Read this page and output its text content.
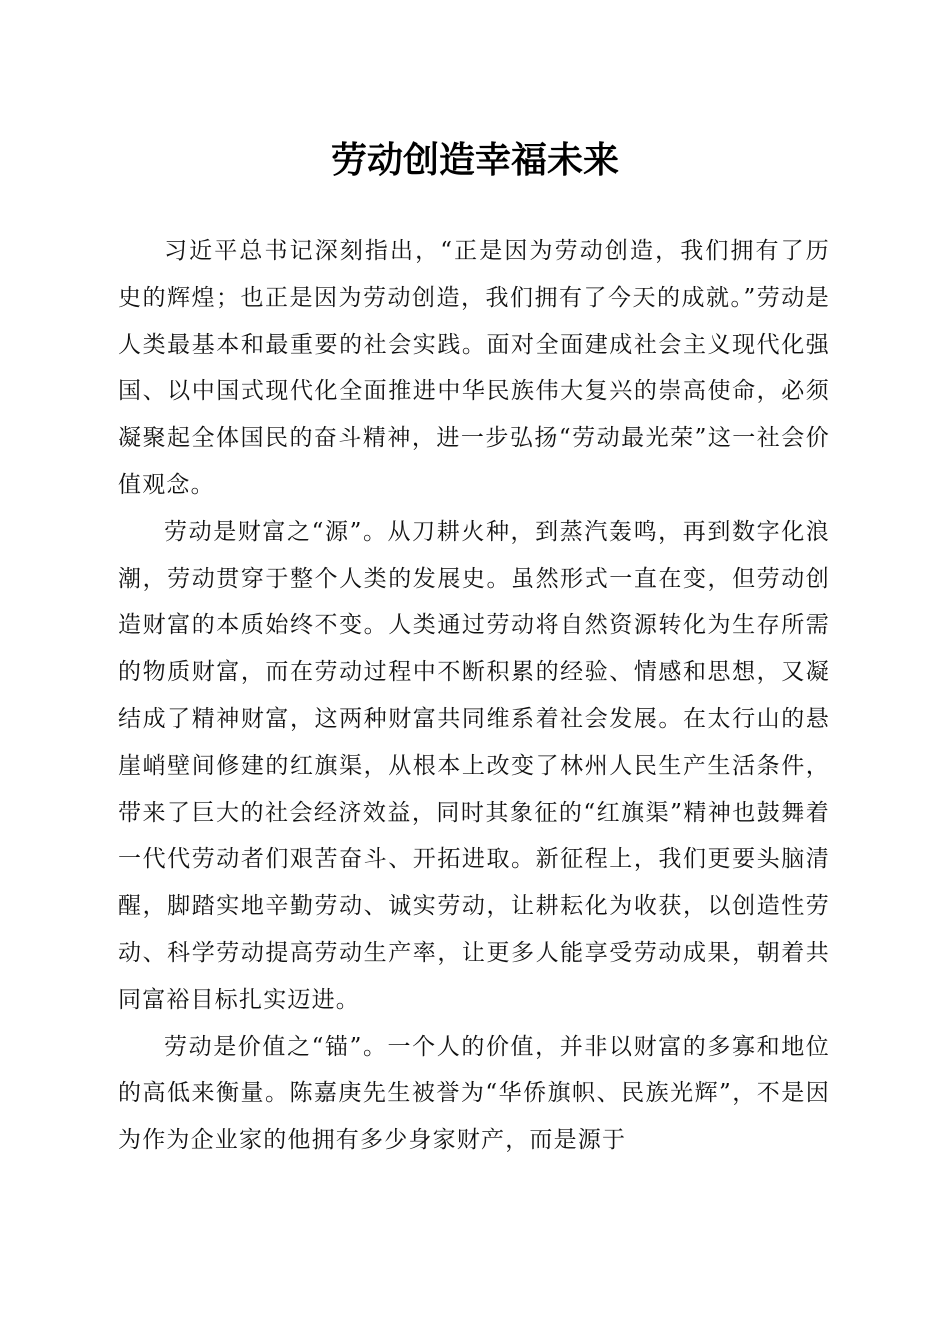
劳动创造幸福未来

习近平总书记深刻指出，“正是因为劳动创造，我们拥有了历史的辉煌；也正是因为劳动创造，我们拥有了今天的成就。”劳动是人类最基本和最重要的社会实践。面对全面建成社会主义现代化强国、以中国式现代化全面推进中华民族伟大复兴的崇高使命，必须凝聚起全体国民的奋斗精神，进一步弘扬“劳动最光荣”这一社会价值观念。

劳动是财富之“源”。从刀耕火种，到蒸汽轰鸣，再到数字化浪潮，劳动贯穿于整个人类的发展史。虽然形式一直在变，但劳动创造财富的本质始终不变。人类通过劳动将自然资源转化为生存所需的物质财富，而在劳动过程中不断积累的经验、情感和思想，又凝结成了精神财富，这两种财富共同维系着社会发展。在太行山的悬崖峭壁间修建的红旗渠，从根本上改变了林州人民生产生活条件，带来了巨大的社会经济效益，同时其象征的“红旗渠”精神也鼓舞着一代代劳动者们艰苦奋斗、开拓进取。新征程上，我们更要头脑清醒，脚踏实地辛勤劳动、诚实劳动，让耕耘化为收获，以创造性劳动、科学劳动提高劳动生产率，让更多人能享受劳动成果，朝着共同富裕目标扎实迈进。

劳动是价值之“锚”。一个人的价值，并非以财富的多寡和地位的高低来衡量。陈嘉庚先生被誉为“华侨旗帜、民族光辉”，不是因为作为企业家的他拥有多少身家财产，而是源于
